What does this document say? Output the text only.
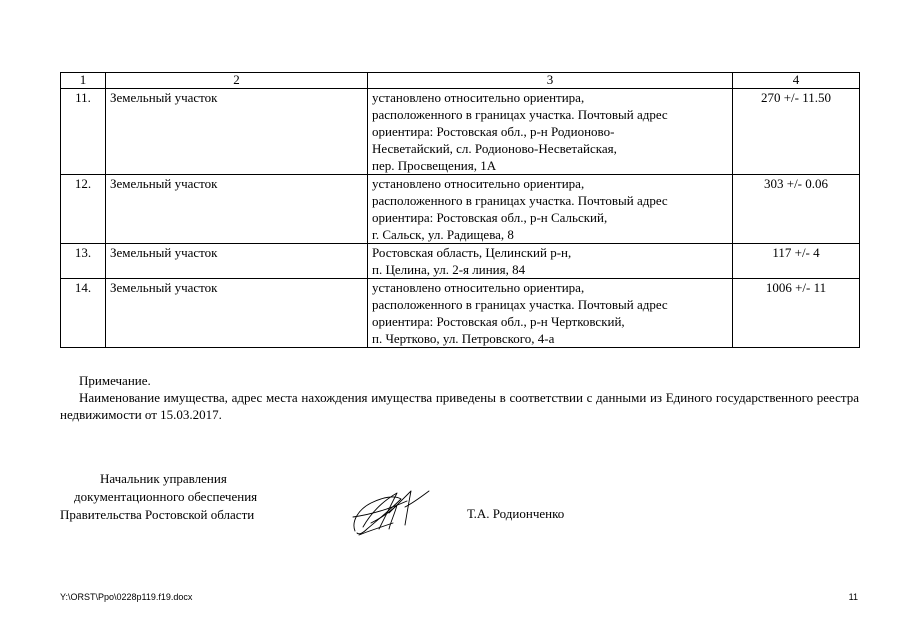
1	2	3	4
11.	Земельный участок	установлено относительно ориентира,
расположенного в границах участка. Почтовый адрес
ориентира: Ростовская обл., р-н Родионово-
Несветайский, сл. Родионово-Несветайская,
пер. Просвещения, 1А	270 +/- 11.50
12.	Земельный участок	установлено относительно ориентира,
расположенного в границах участка. Почтовый адрес
ориентира: Ростовская обл., р-н Сальский,
г. Сальск, ул. Радищева, 8	303 +/- 0.06
13.	Земельный участок	Ростовская область, Целинский р-н,
п. Целина, ул. 2-я линия, 84	117 +/- 4
14.	Земельный участок	установлено относительно ориентира,
расположенного в границах участка. Почтовый адрес
ориентира: Ростовская обл., р-н Чертковский,
п. Чертково, ул. Петровского, 4-а	1006 +/- 11
Примечание.
Наименование имущества, адрес места нахождения имущества приведены в соответствии с данными из Единого государственного реестра недвижимости от 15.03.2017.
Начальник управления
документационного обеспечения
Правительства Ростовской области	Т.А. Родионченко
Y:\ORST\Ppo\0228p119.f19.docx	11
